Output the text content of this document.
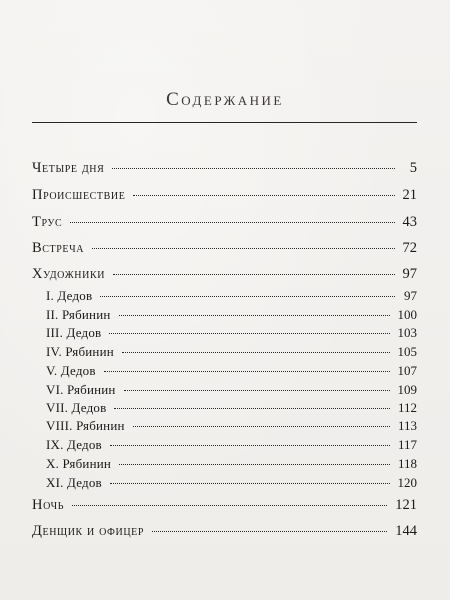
Содержание
Четыре дня	5
Происшествие	21
Трус	43
Встреча	72
Художники	97
I. Дедов	97
II. Рябинин	100
III. Дедов	103
IV. Рябинин	105
V. Дедов	107
VI. Рябинин	109
VII. Дедов	112
VIII. Рябинин	113
IX. Дедов	117
X. Рябинин	118
XI. Дедов	120
Ночь	121
Денщик и офицер	144
